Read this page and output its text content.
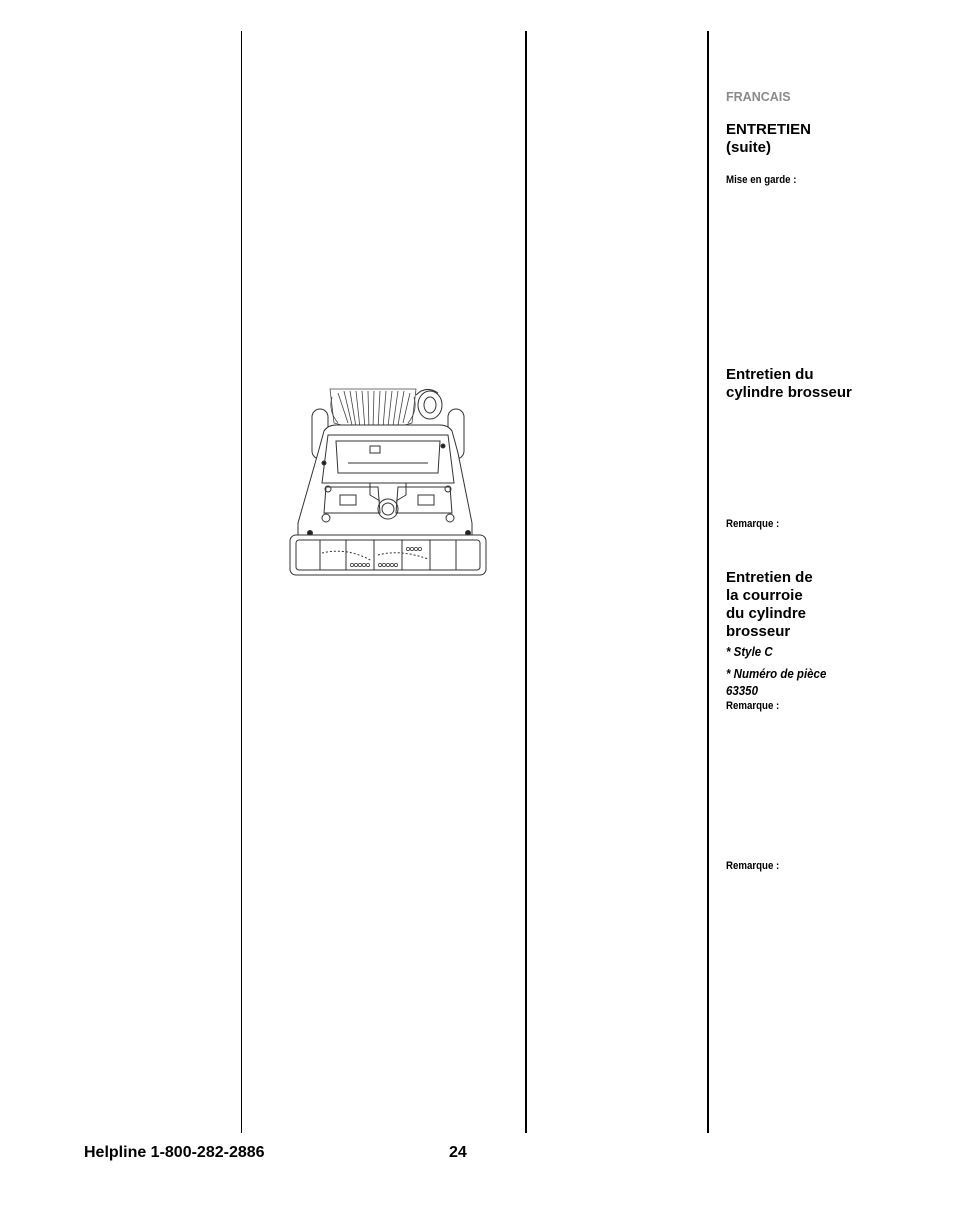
FRANCAIS
ENTRETIEN
(suite)
Mise en garde :
Entretien du
cylindre brosseur
Remarque :
Entretien de
la courroie
du cylindre
brosseur
* Style C
* Numéro de pièce
63350
Remarque :
Remarque :
Helpline 1-800-282-2886	24
